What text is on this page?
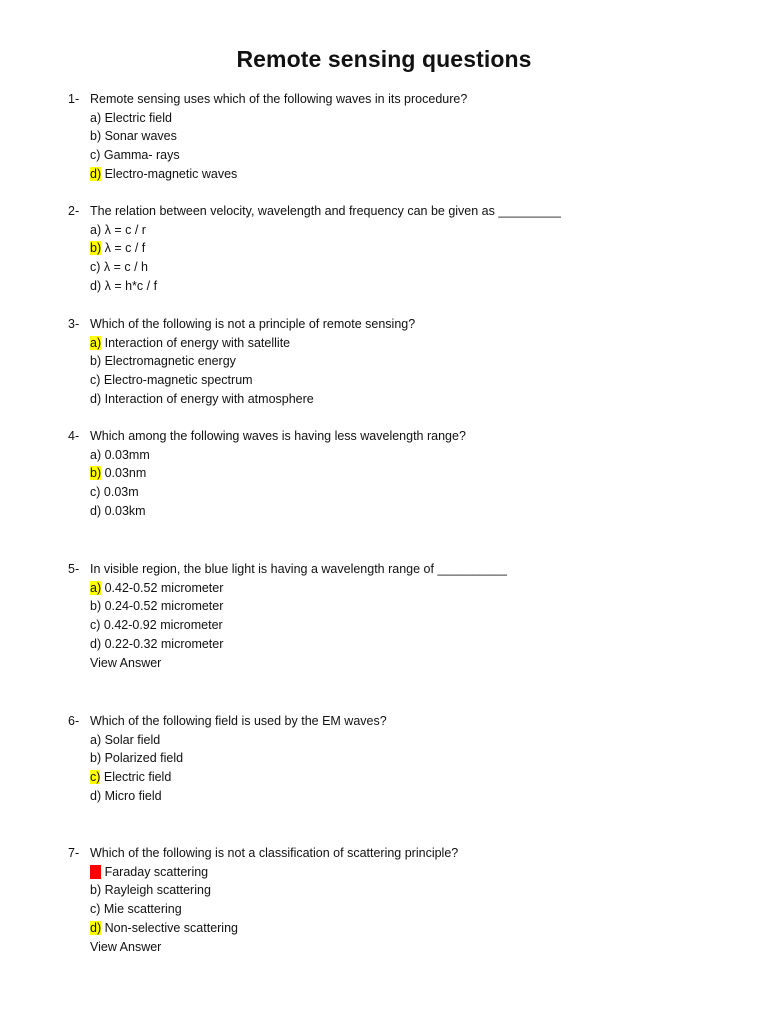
Remote sensing questions
1- Remote sensing uses which of the following waves in its procedure?
a) Electric field
b) Sonar waves
c) Gamma- rays
d) Electro-magnetic waves
2- The relation between velocity, wavelength and frequency can be given as _________
a) λ = c / r
b) λ = c / f
c) λ = c / h
d) λ = h*c / f
3- Which of the following is not a principle of remote sensing?
a) Interaction of energy with satellite
b) Electromagnetic energy
c) Electro-magnetic spectrum
d) Interaction of energy with atmosphere
4- Which among the following waves is having less wavelength range?
a) 0.03mm
b) 0.03nm
c) 0.03m
d) 0.03km
5- In visible region, the blue light is having a wavelength range of __________
a) 0.42-0.52 micrometer
b) 0.24-0.52 micrometer
c) 0.42-0.92 micrometer
d) 0.22-0.32 micrometer
View Answer
6- Which of the following field is used by the EM waves?
a) Solar field
b) Polarized field
c) Electric field
d) Micro field
7- Which of the following is not a classification of scattering principle?
a) Faraday scattering
b) Rayleigh scattering
c) Mie scattering
d) Non-selective scattering
View Answer
